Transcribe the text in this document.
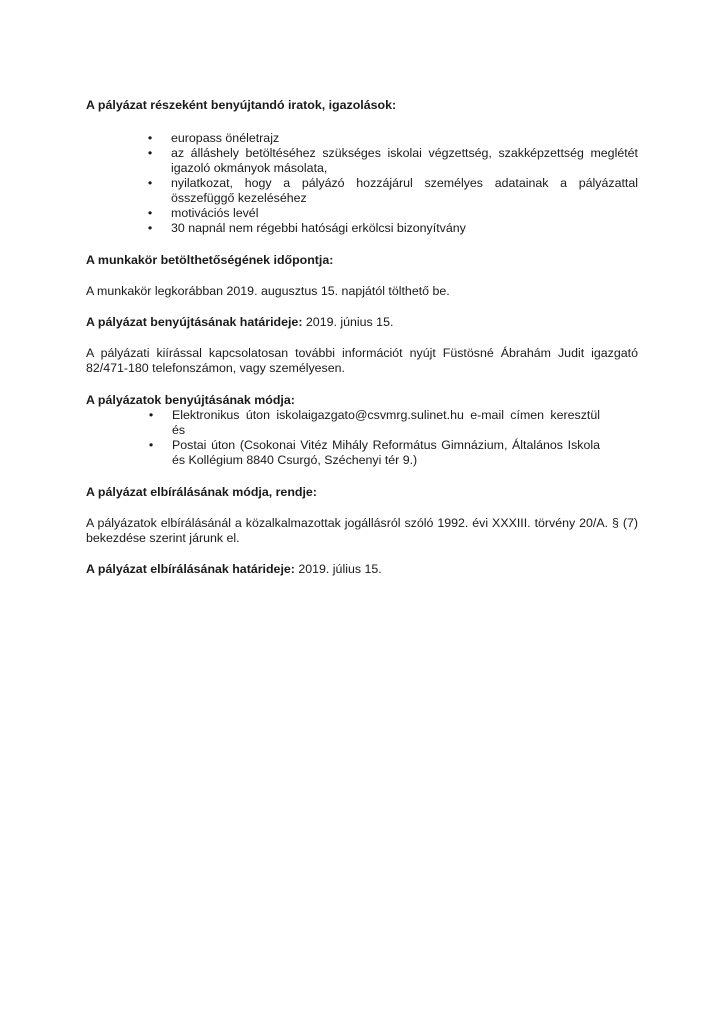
A pályázat részeként benyújtandó iratok, igazolások:

• europass önéletrajz
• az álláshely betöltéséhez szükséges iskolai végzettség, szakképzettség meglétét igazoló okmányok másolata,
• nyilatkozat, hogy a pályázó hozzájárul személyes adatainak a pályázattal összefüggő kezeléséhez
• motivációs levél
• 30 napnál nem régebbi hatósági erkölcsi bizonyítvány

A munkakör betölthetőségének időpontja:

A munkakör legkorábban 2019. augusztus 15. napjától tölthető be.

A pályázat benyújtásának határideje: 2019. június 15.

A pályázati kiírással kapcsolatosan további információt nyújt Füstösné Ábrahám Judit igazgató 82/471-180 telefonszámon, vagy személyesen.

A pályázatok benyújtásának módja:

• Elektronikus úton iskolaigazgato@csvmrg.sulinet.hu e-mail címen keresztül és
• Postai úton (Csokonai Vitéz Mihály Református Gimnázium, Általános Iskola és Kollégium 8840 Csurgó, Széchenyi tér 9.)

A pályázat elbírálásának módja, rendje:

A pályázatok elbírálásánál a közalkalmazottak jogállásról szóló 1992. évi XXXIII. törvény 20/A. § (7) bekezdése szerint járunk el.

A pályázat elbírálásának határideje: 2019. július 15.
